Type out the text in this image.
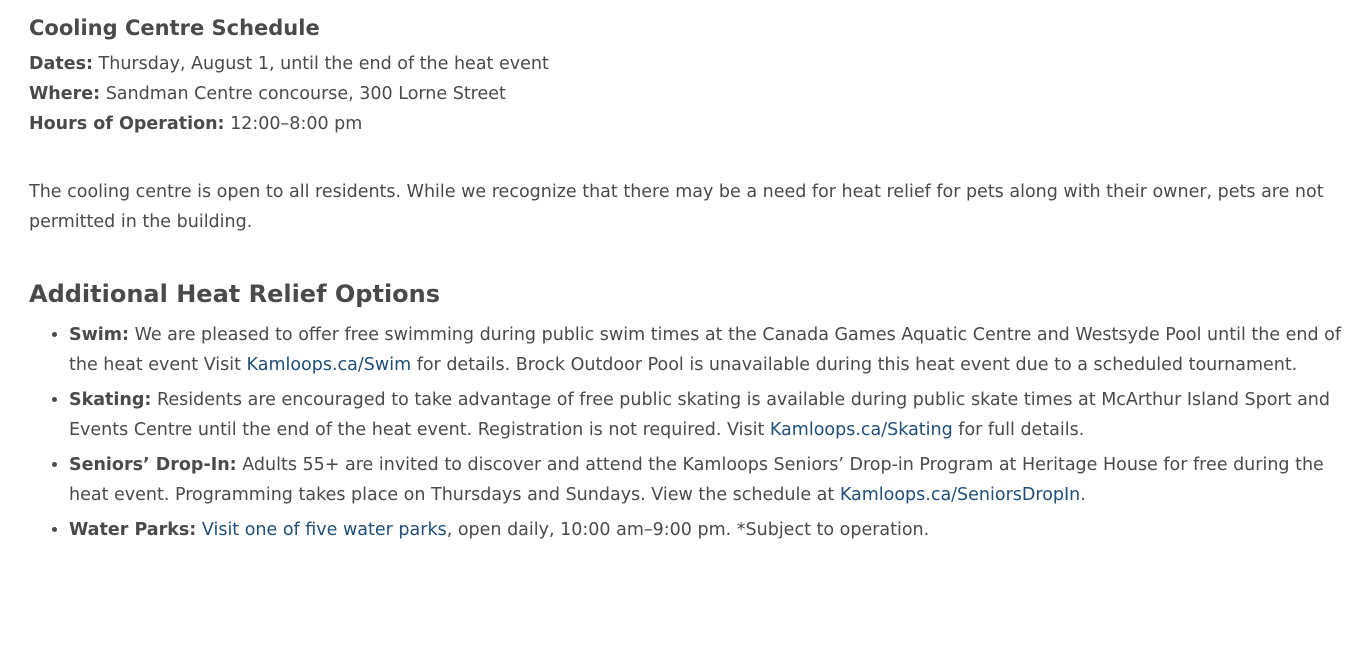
Cooling Centre Schedule
Dates: Thursday, August 1, until the end of the heat event
Where: Sandman Centre concourse, 300 Lorne Street
Hours of Operation: 12:00–8:00 pm

The cooling centre is open to all residents. While we recognize that there may be a need for heat relief for pets along with their owner, pets are not permitted in the building.

Additional Heat Relief Options
• Swim: We are pleased to offer free swimming during public swim times at the Canada Games Aquatic Centre and Westsyde Pool until the end of the heat event Visit Kamloops.ca/Swim for details. Brock Outdoor Pool is unavailable during this heat event due to a scheduled tournament.
• Skating: Residents are encouraged to take advantage of free public skating is available during public skate times at McArthur Island Sport and Events Centre until the end of the heat event. Registration is not required. Visit Kamloops.ca/Skating for full details.
• Seniors’ Drop-In: Adults 55+ are invited to discover and attend the Kamloops Seniors’ Drop-in Program at Heritage House for free during the heat event. Programming takes place on Thursdays and Sundays. View the schedule at Kamloops.ca/SeniorsDropIn.
• Water Parks: Visit one of five water parks, open daily, 10:00 am–9:00 pm. *Subject to operation.
